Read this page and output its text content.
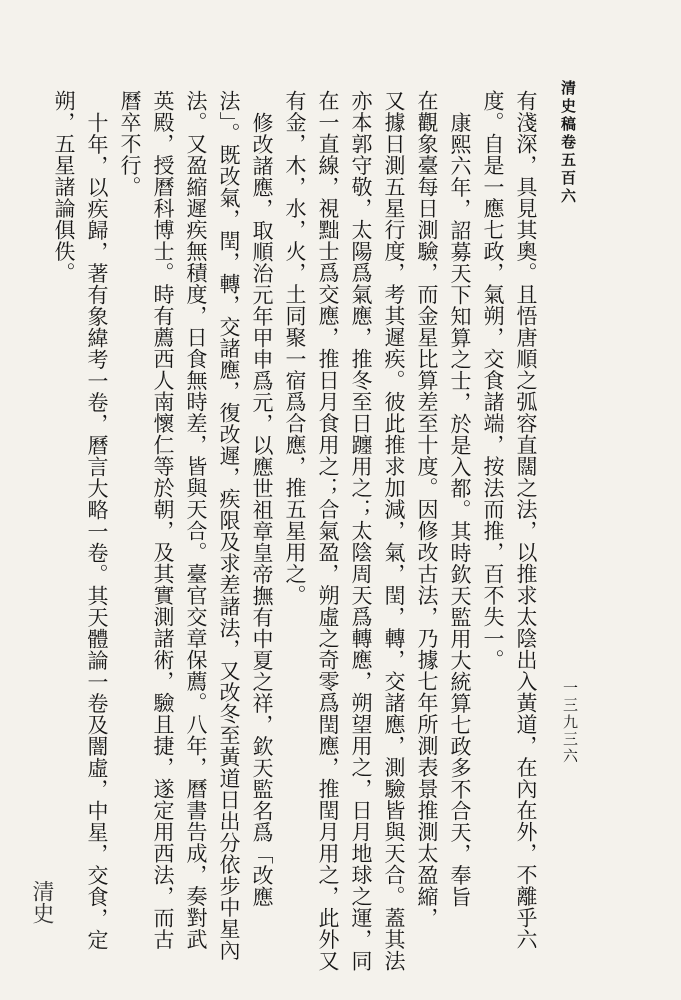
清史稿卷五百六
一三九三六
有淺深，具見其奧。且悟唐順之弧容直闊之法，以推求太陰出入黃道，在內在外，不離乎六
度。自是一應七政，氣朔，交食諸端，按法而推，百不失一。
康熙六年，詔募天下知算之士，於是入都。其時欽天監用大統算七政多不合天，奉旨
在觀象臺每日測驗，而金星比算差至十度。因修改古法，乃據七年所測表景推測太盈縮，
又據日測五星行度，考其遲疾。彼此推求加減，氣，閏，轉，交諸應，測驗皆與天合。蓋其法
亦本郭守敬，太陽爲氣應，推冬至日躔用之；太陰周天爲轉應，朔望用之，日月地球之運，同
在一直線，視黜士爲交應，推日月食用之；合氣盈，朔虛之奇零爲閏應，推閏月用之，此外又
有金，木，水，火，土同聚一宿爲合應，推五星用之。
修改諸應，取順治元年甲申爲元，以應世祖章皇帝撫有中夏之祥，欽天監名爲「改應
法」。既改氣，閏，轉，交諸應，復改遲，疾限及求差諸法，又改冬至黃道日出分依步中星內
法。又盈縮遲疾無積度，日食無時差，皆與天合。臺官交章保薦。八年，曆書告成，奏對武
英殿，授曆科博士。時有薦西人南懷仁等於朝，及其實測諸術，驗且捷，遂定用西法，而古
曆卒不行。
十年，以疾歸，著有象緯考一卷，曆言大略一卷。其天體論一卷及闇虛，中星，交食，定
朔，五星諸論俱佚。
清史
